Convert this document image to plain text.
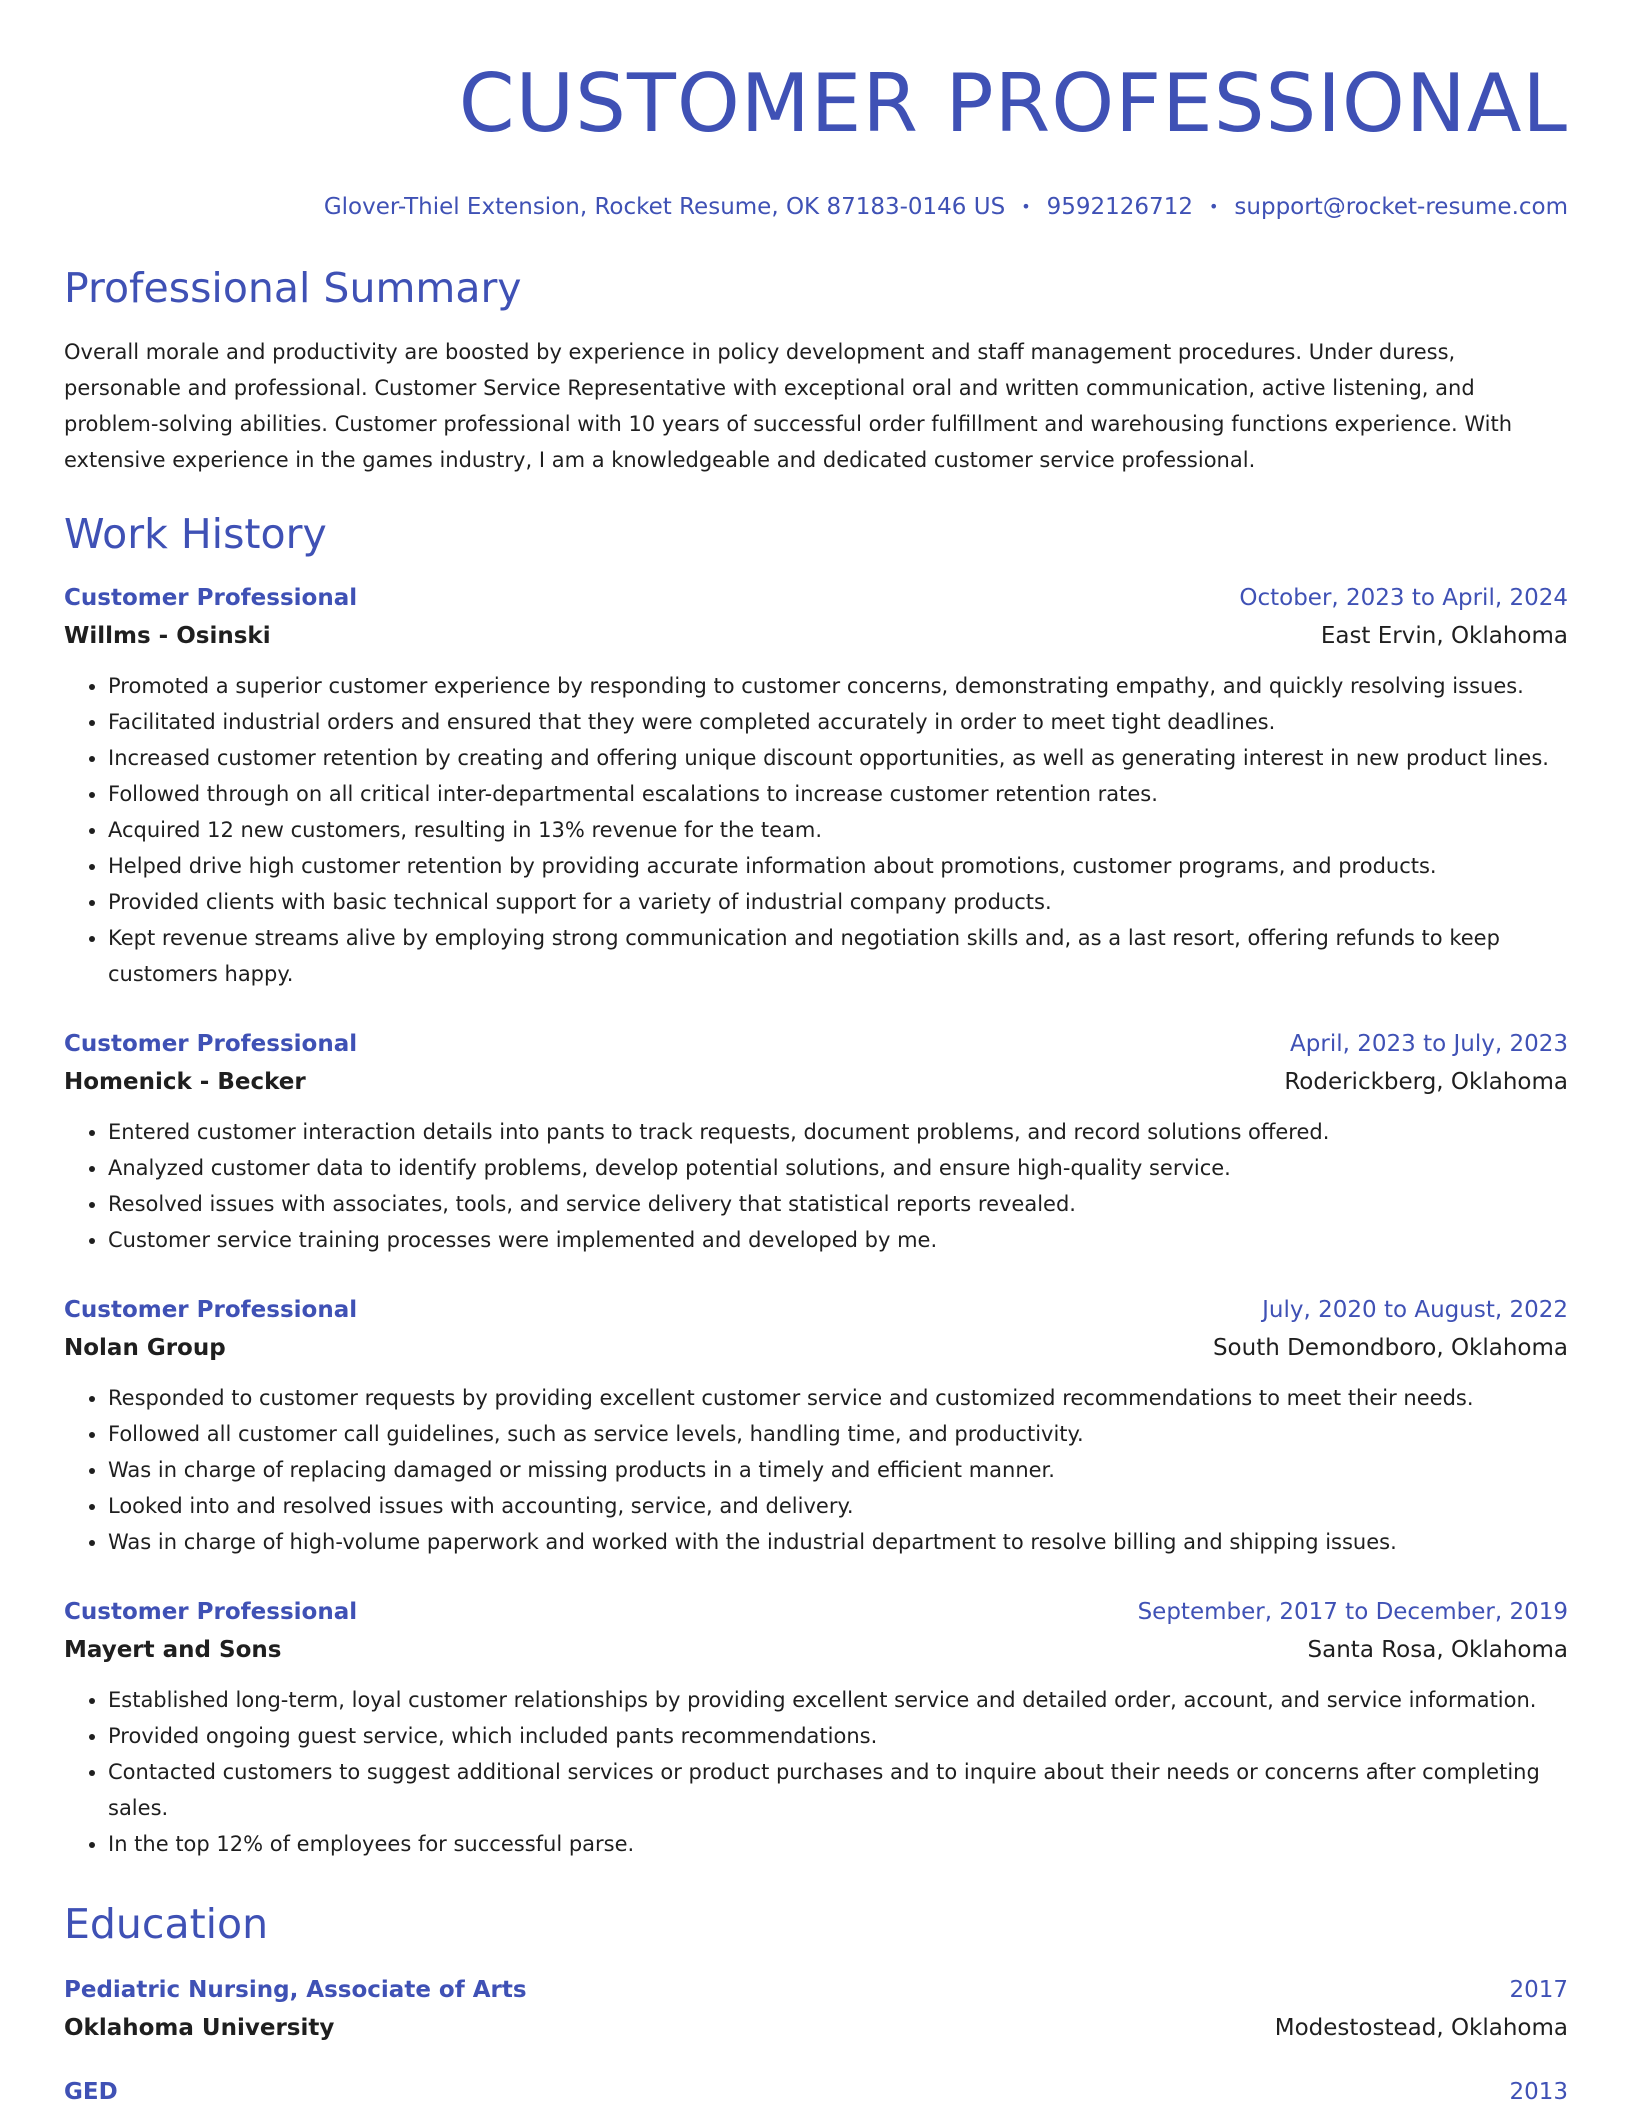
CUSTOMER PROFESSIONAL
Glover-Thiel Extension, Rocket Resume, OK 87183-0146 US • 9592126712 • support@rocket-resume.com
Professional Summary
Overall morale and productivity are boosted by experience in policy development and staff management procedures. Under duress, personable and professional. Customer Service Representative with exceptional oral and written communication, active listening, and problem-solving abilities. Customer professional with 10 years of successful order fulfillment and warehousing functions experience. With extensive experience in the games industry, I am a knowledgeable and dedicated customer service professional.
Work History
Customer Professional	October, 2023 to April, 2024
Willms - Osinski	East Ervin, Oklahoma
• Promoted a superior customer experience by responding to customer concerns, demonstrating empathy, and quickly resolving issues.
• Facilitated industrial orders and ensured that they were completed accurately in order to meet tight deadlines.
• Increased customer retention by creating and offering unique discount opportunities, as well as generating interest in new product lines.
• Followed through on all critical inter-departmental escalations to increase customer retention rates.
• Acquired 12 new customers, resulting in 13% revenue for the team.
• Helped drive high customer retention by providing accurate information about promotions, customer programs, and products.
• Provided clients with basic technical support for a variety of industrial company products.
• Kept revenue streams alive by employing strong communication and negotiation skills and, as a last resort, offering refunds to keep customers happy.
Customer Professional	April, 2023 to July, 2023
Homenick - Becker	Roderickberg, Oklahoma
• Entered customer interaction details into pants to track requests, document problems, and record solutions offered.
• Analyzed customer data to identify problems, develop potential solutions, and ensure high-quality service.
• Resolved issues with associates, tools, and service delivery that statistical reports revealed.
• Customer service training processes were implemented and developed by me.
Customer Professional	July, 2020 to August, 2022
Nolan Group	South Demondboro, Oklahoma
• Responded to customer requests by providing excellent customer service and customized recommendations to meet their needs.
• Followed all customer call guidelines, such as service levels, handling time, and productivity.
• Was in charge of replacing damaged or missing products in a timely and efficient manner.
• Looked into and resolved issues with accounting, service, and delivery.
• Was in charge of high-volume paperwork and worked with the industrial department to resolve billing and shipping issues.
Customer Professional	September, 2017 to December, 2019
Mayert and Sons	Santa Rosa, Oklahoma
• Established long-term, loyal customer relationships by providing excellent service and detailed order, account, and service information.
• Provided ongoing guest service, which included pants recommendations.
• Contacted customers to suggest additional services or product purchases and to inquire about their needs or concerns after completing sales.
• In the top 12% of employees for successful parse.
Education
Pediatric Nursing, Associate of Arts	2017
Oklahoma University	Modestostead, Oklahoma
GED	2013
